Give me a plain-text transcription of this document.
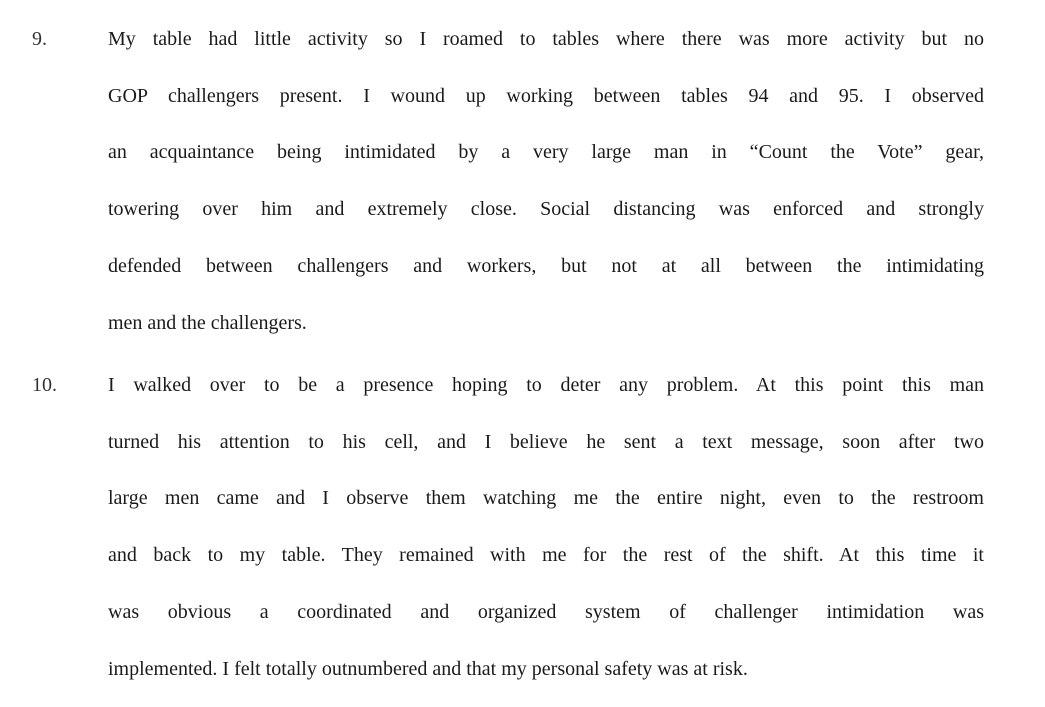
9.	My table had little activity so I roamed to tables where there was more activity but no
GOP challengers present. I wound up working between tables 94 and 95. I observed
an acquaintance being intimidated by a very large man in “Count the Vote” gear,
towering over him and extremely close. Social distancing was enforced and strongly
defended between challengers and workers, but not at all between the intimidating
men and the challengers.

10.	I walked over to be a presence hoping to deter any problem. At this point this man
turned his attention to his cell, and I believe he sent a text message, soon after two
large men came and I observe them watching me the entire night, even to the restroom
and back to my table. They remained with me for the rest of the shift. At this time it
was obvious a coordinated and organized system of challenger intimidation was
implemented. I felt totally outnumbered and that my personal safety was at risk.
